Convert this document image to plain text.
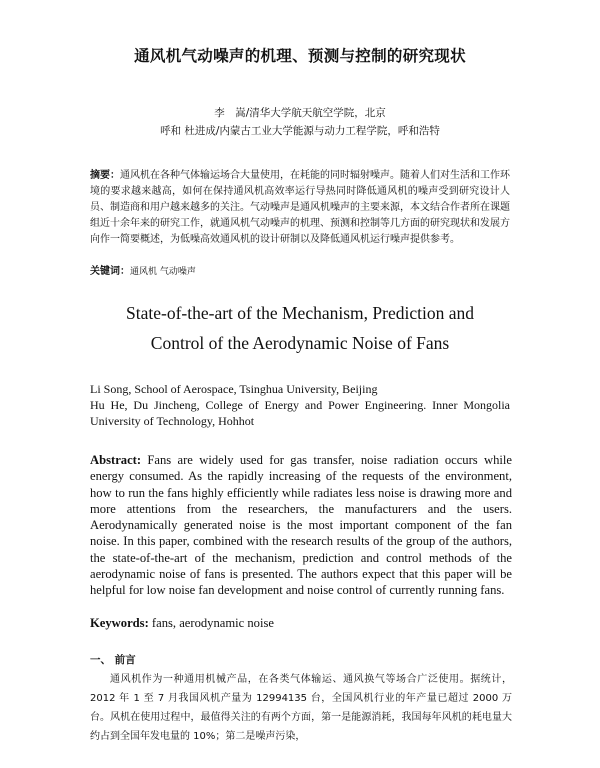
通风机气动噪声的机理、预测与控制的研究现状
李　嵩/清华大学航天航空学院，北京
呼和 杜进成/内蒙古工业大学能源与动力工程学院，呼和浩特
摘要：通风机在各种气体输运场合大量使用，在耗能的同时辐射噪声。随着人们对生活和工作环境的要求越来越高，如何在保持通风机高效率运行导热同时降低通风机的噪声受到研究设计人员、制造商和用户越来越多的关注。气动噪声是通风机噪声的主要来源，本文结合作者所在课题组近十余年来的研究工作，就通风机气动噪声的机理、预测和控制等几方面的研究现状和发展方向作一简要概述，为低噪高效通风机的设计研制以及降低通风机运行噪声提供参考。
关键词：通风机 气动噪声
State-of-the-art of the Mechanism, Prediction and
Control of the Aerodynamic Noise of Fans
Li Song, School of Aerospace, Tsinghua University, Beijing
Hu He, Du Jincheng, College of Energy and Power Engineering. Inner Mongolia University of Technology, Hohhot
Abstract: Fans are widely used for gas transfer, noise radiation occurs while energy consumed. As the rapidly increasing of the requests of the environment, how to run the fans highly efficiently while radiates less noise is drawing more and more attentions from the researchers, the manufacturers and the users. Aerodynamically generated noise is the most important component of the fan noise. In this paper, combined with the research results of the group of the authors, the state-of-the-art of the mechanism, prediction and control methods of the aerodynamic noise of fans is presented. The authors expect that this paper will be helpful for low noise fan development and noise control of currently running fans.
Keywords: fans, aerodynamic noise
一、 前言

通风机作为一种通用机械产品，在各类气体输运、通风换气等场合广泛使用。据统计，2012 年 1 至 7 月我国风机产量为 12994135 台，全国风机行业的年产量已超过 2000 万台。风机在使用过程中，最值得关注的有两个方面，第一是能源消耗，我国每年风机的耗电量大约占到全国年发电量的 10%；第二是噪声污染，
